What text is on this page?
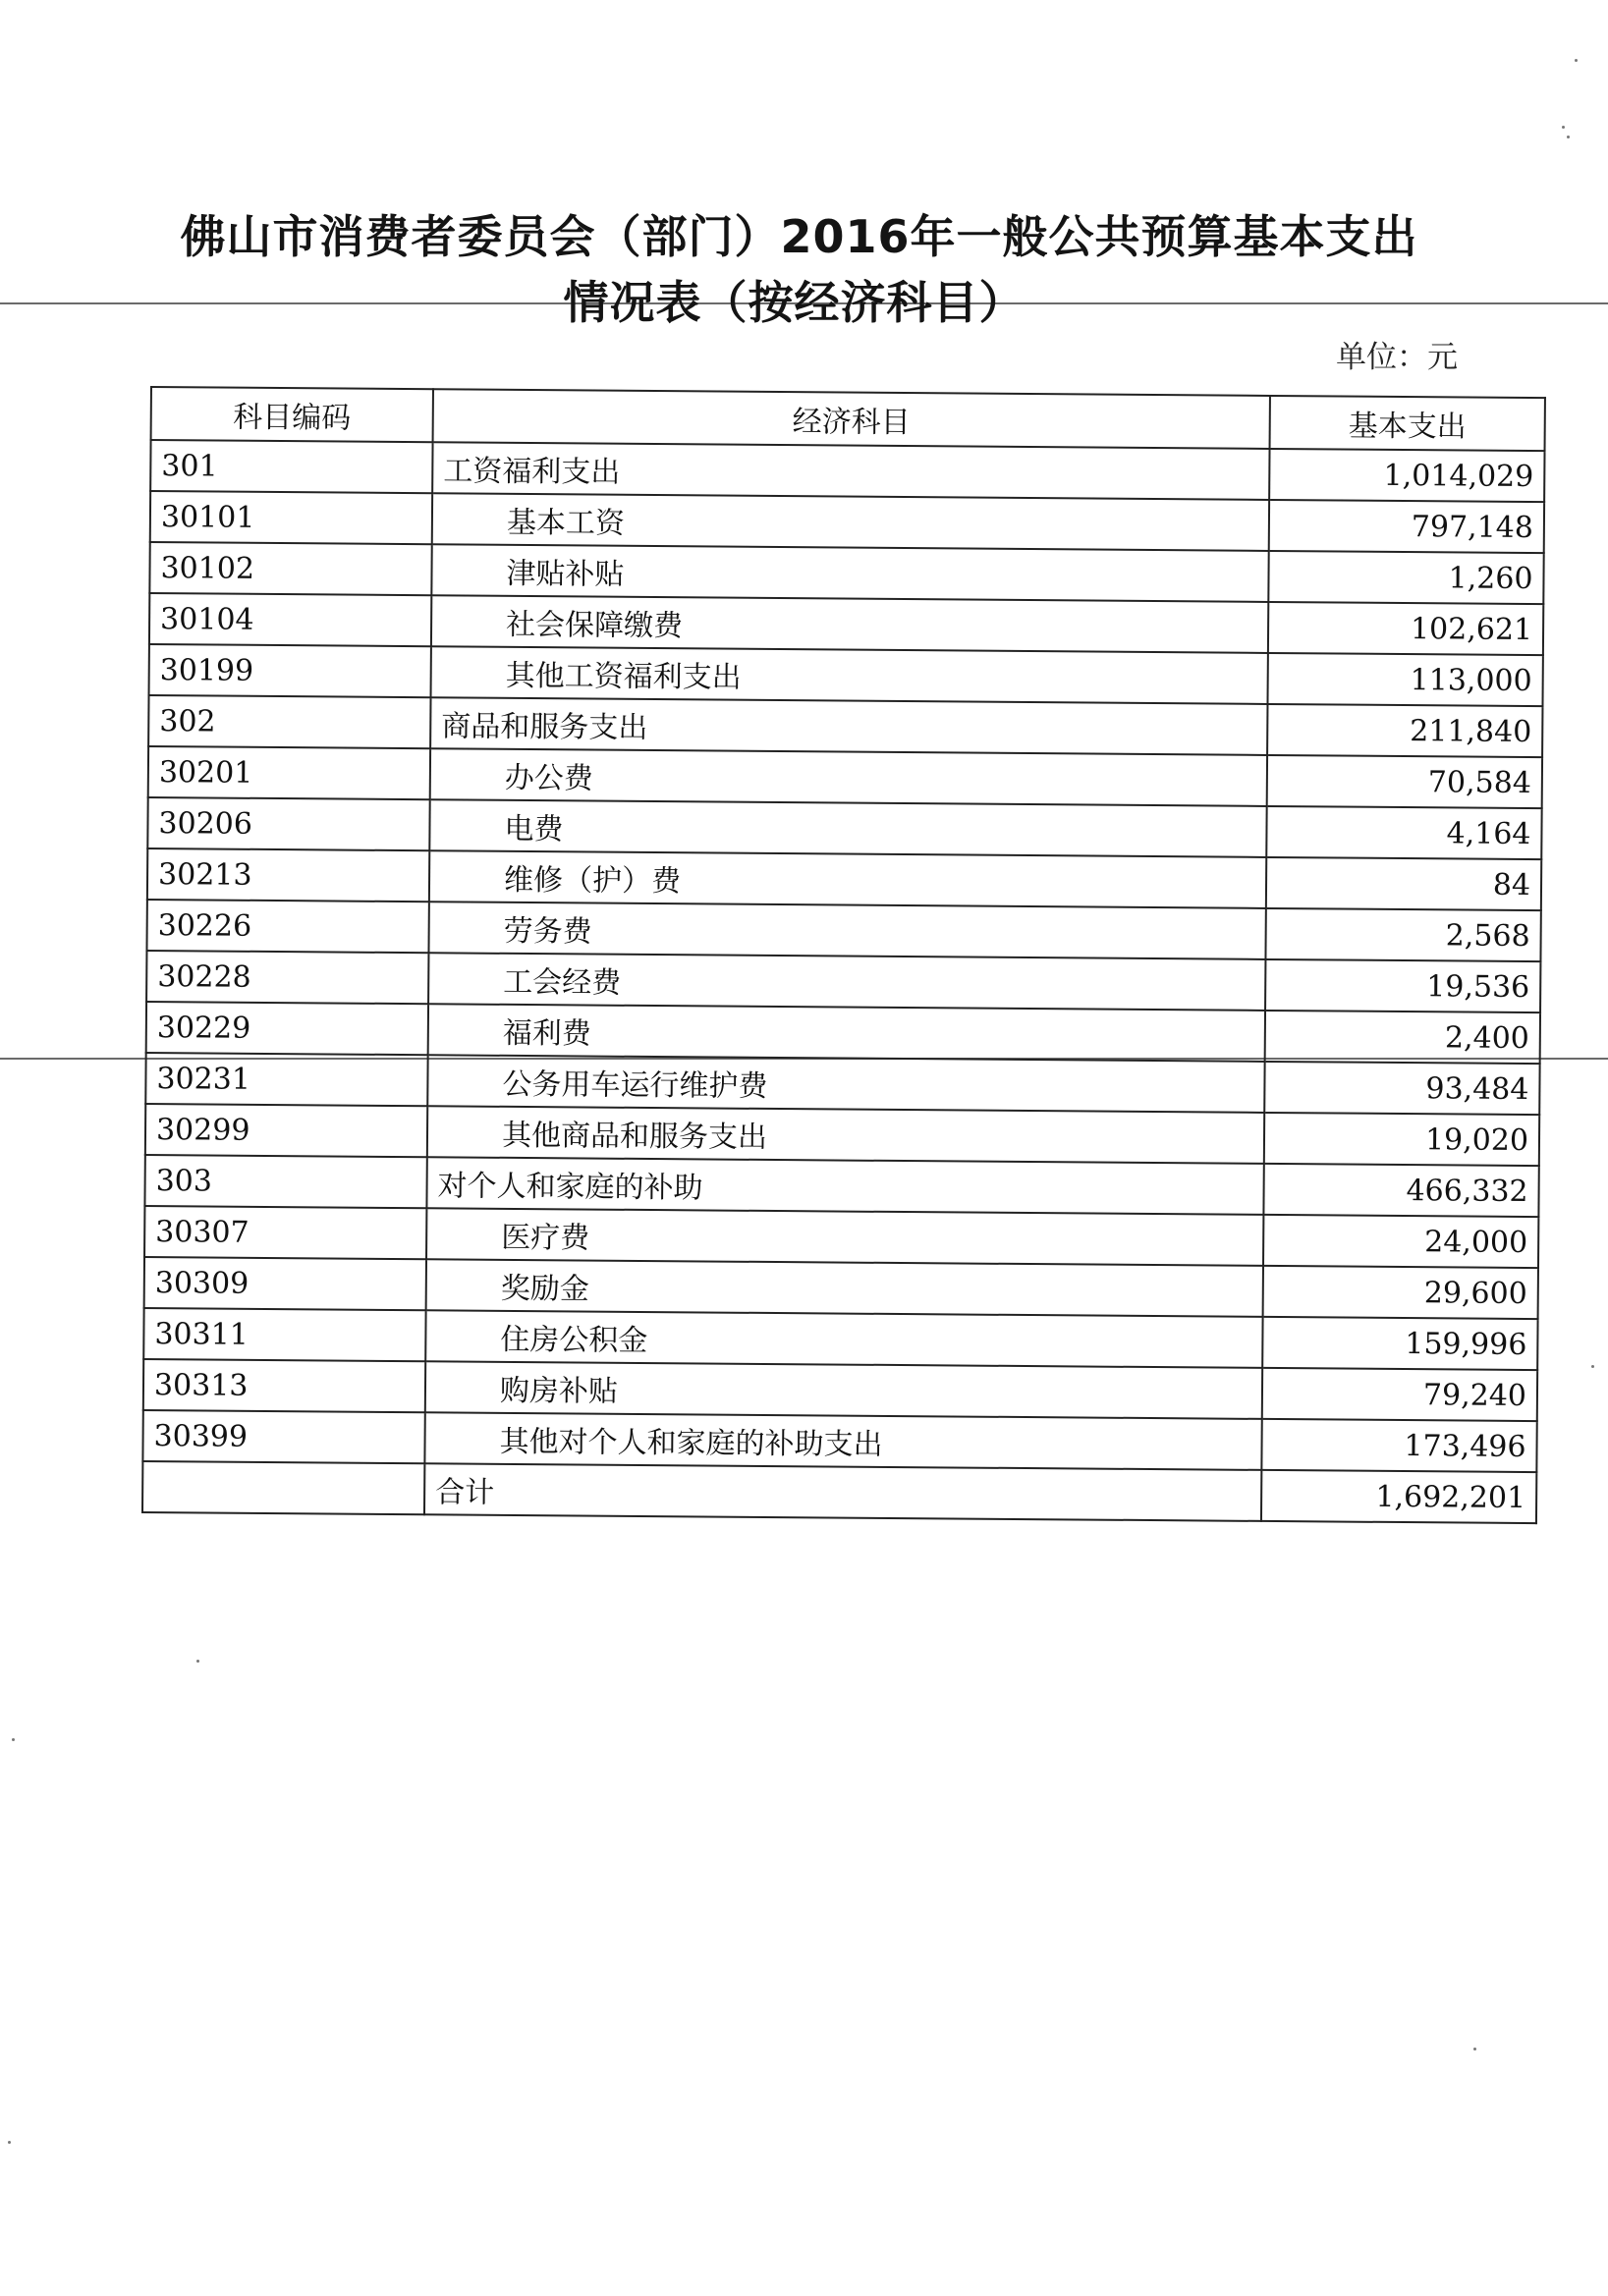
佛山市消费者委员会（部门）2016年一般公共预算基本支出
情况表（按经济科目）
单位：元
科目编码	经济科目	基本支出
301	工资福利支出	1,014,029
30101	基本工资	797,148
30102	津贴补贴	1,260
30104	社会保障缴费	102,621
30199	其他工资福利支出	113,000
302	商品和服务支出	211,840
30201	办公费	70,584
30206	电费	4,164
30213	维修（护）费	84
30226	劳务费	2,568
30228	工会经费	19,536
30229	福利费	2,400
30231	公务用车运行维护费	93,484
30299	其他商品和服务支出	19,020
303	对个人和家庭的补助	466,332
30307	医疗费	24,000
30309	奖励金	29,600
30311	住房公积金	159,996
30313	购房补贴	79,240
30399	其他对个人和家庭的补助支出	173,496
	合计	1,692,201
